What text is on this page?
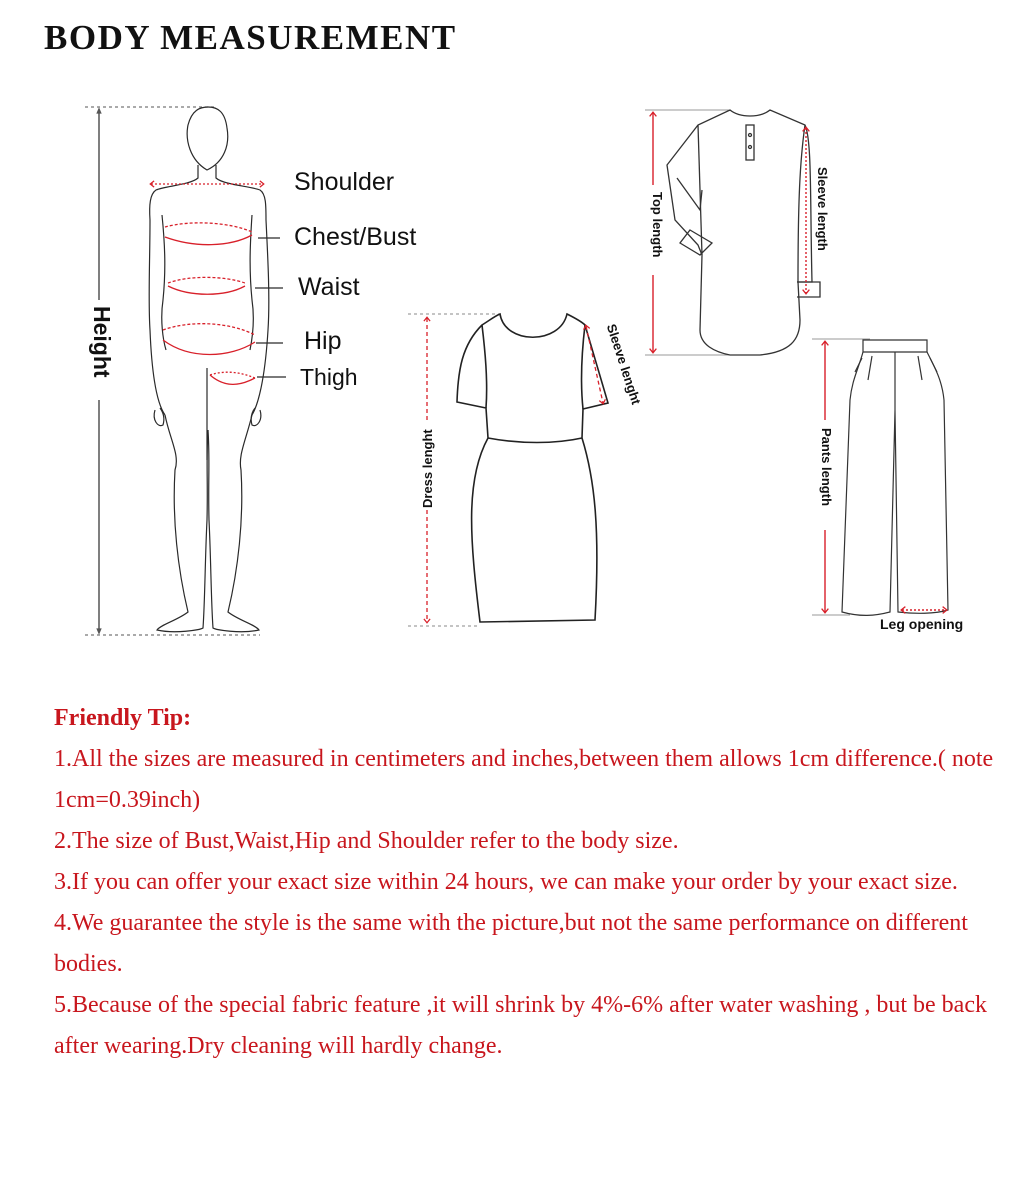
BODY MEASUREMENT
Shoulder
Chest/Bust
Waist
Hip
Thigh
Height
Dress lenght
Sleeve lenght
Top length	Sleeve length
Pants length
Leg opening
Friendly Tip:

1.All the sizes are measured in centimeters and inches,between them allows 1cm difference.( note 1cm=0.39inch)

2.The size of Bust,Waist,Hip and Shoulder refer to the body size.

3.If you can offer your exact size within 24 hours, we can make your order by your exact size.

4.We guarantee the style is the same with the picture,but not the same performance on different bodies.

5.Because of the special fabric feature ,it will shrink by 4%-6% after water washing , but be back after wearing.Dry cleaning will hardly change.
